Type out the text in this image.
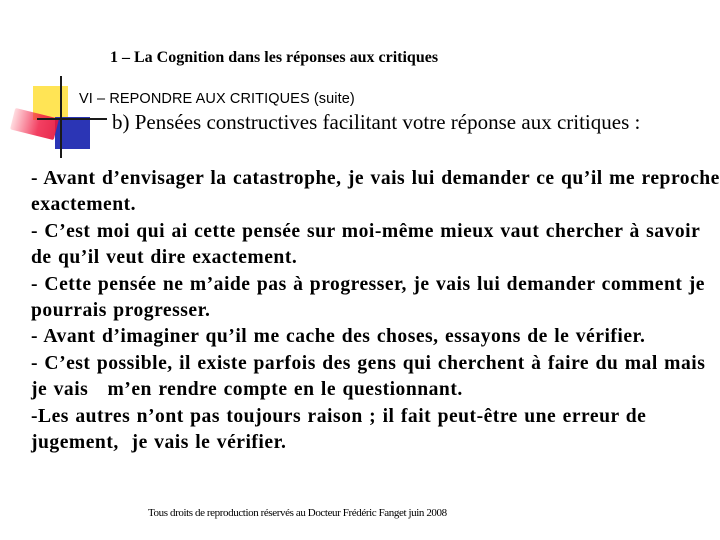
1 – La Cognition dans les réponses aux critiques
VI – REPONDRE AUX CRITIQUES (suite)
b) Pensées constructives facilitant votre réponse aux critiques :
- Avant d’envisager la catastrophe, je vais lui demander ce qu’il me reproche exactement.
- C’est moi qui ai cette pensée sur moi-même mieux vaut chercher à savoir de qu’il veut dire exactement.
- Cette pensée ne m’aide pas à progresser, je vais lui demander comment je pourrais progresser.
- Avant d’imaginer qu’il me cache des choses, essayons de le vérifier.
- C’est possible, il existe parfois des gens qui cherchent à faire du mal mais je vais   m’en rendre compte en le questionnant.
-Les autres n’ont pas toujours raison ; il fait peut-être une erreur de jugement,  je vais le vérifier.
Tous droits de reproduction réservés au Docteur Frédéric Fanget juin 2008
